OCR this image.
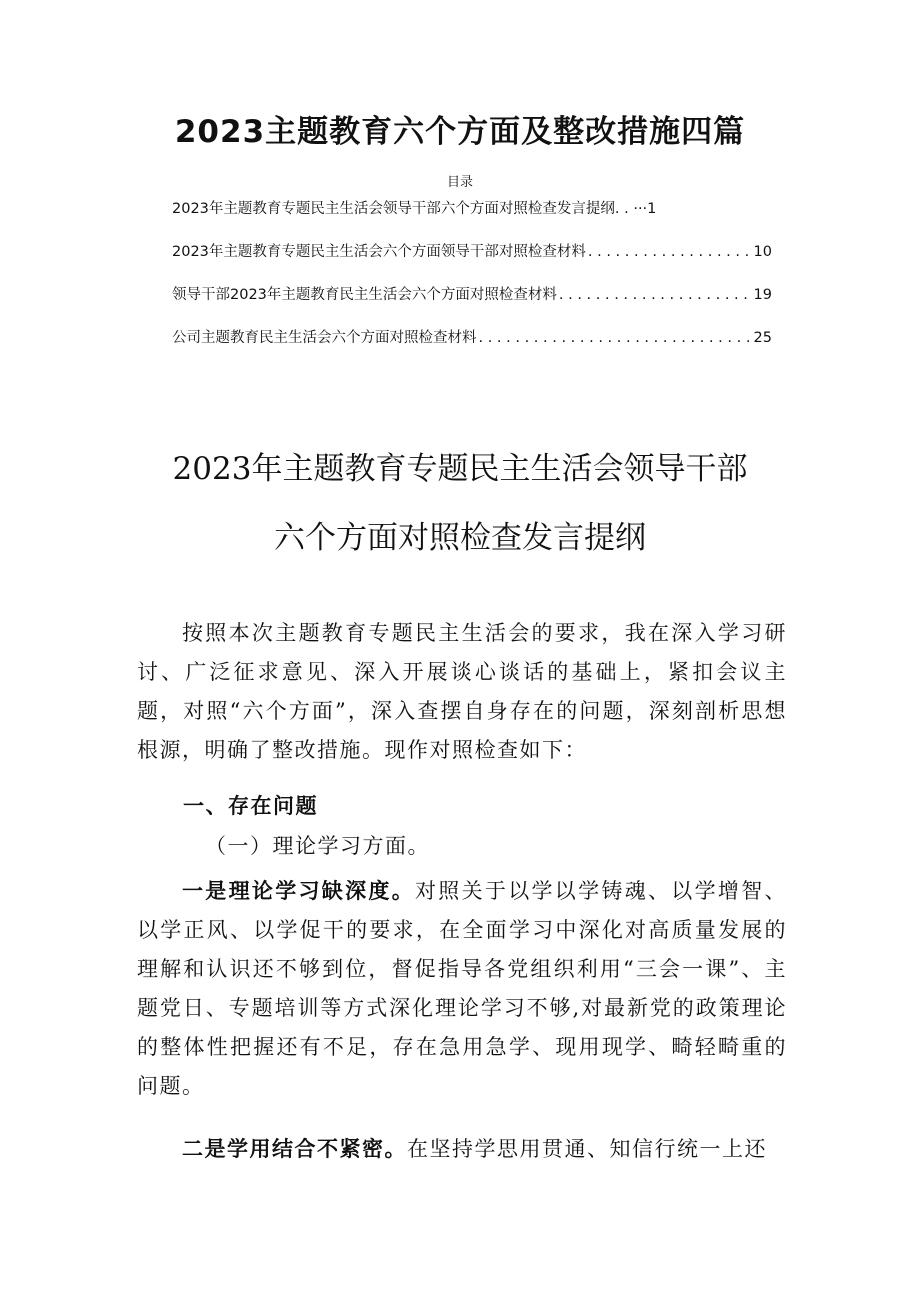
2023主题教育六个方面及整改措施四篇
目录
2023年主题教育专题民主生活会领导干部六个方面对照检查发言提纲. . ··· 1
2023年主题教育专题民主生活会六个方面领导干部对照检查材料 . . .	10
领导干部2023年主题教育民主生活会六个方面对照检查材料 . . .	19
公司主题教育民主生活会六个方面对照检查材料 . . .	25
2023年主题教育专题民主生活会领导干部
六个方面对照检查发言提纲
按照本次主题教育专题民主生活会的要求，我在深入学习研讨、广泛征求意见、深入开展谈心谈话的基础上，紧扣会议主题，对照“六个方面”，深入查摆自身存在的问题，深刻剖析思想根源，明确了整改措施。现作对照检查如下：
一、存在问题
（一）理论学习方面。
一是理论学习缺深度。对照关于以学以学铸魂、以学增智、以学正风、以学促干的要求，在全面学习中深化对高质量发展的理解和认识还不够到位，督促指导各党组织利用“三会一课”、主题党日、专题培训等方式深化理论学习不够,对最新党的政策理论的整体性把握还有不足，存在急用急学、现用现学、畸轻畸重的问题。
二是学用结合不紧密。在坚持学思用贯通、知信行统一上还
